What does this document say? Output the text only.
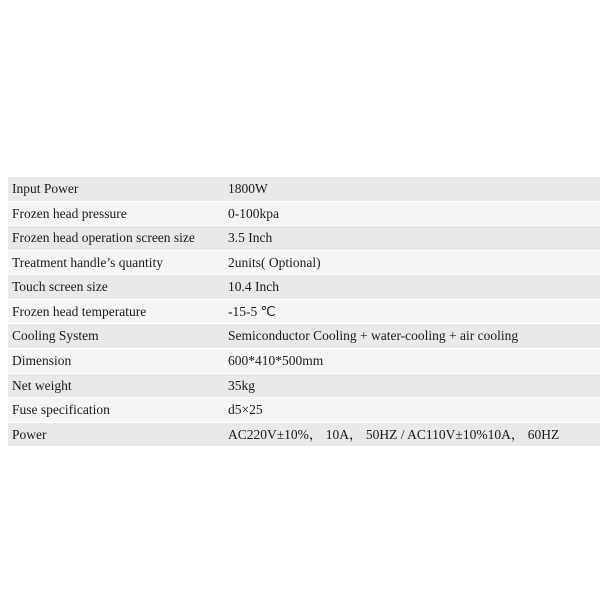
Input Power	1800W
Frozen head pressure	0-100kpa
Frozen head operation screen size	3.5 Inch
Treatment handle’s quantity	2units( Optional)
Touch screen size	10.4 Inch
Frozen head temperature	-15-5 ℃
Cooling System	Semiconductor Cooling + water-cooling + air cooling
Dimension	600*410*500mm
Net weight	35kg
Fuse specification	d5×25
Power	AC220V±10%， 10A， 50HZ / AC110V±10%10A， 60HZ
